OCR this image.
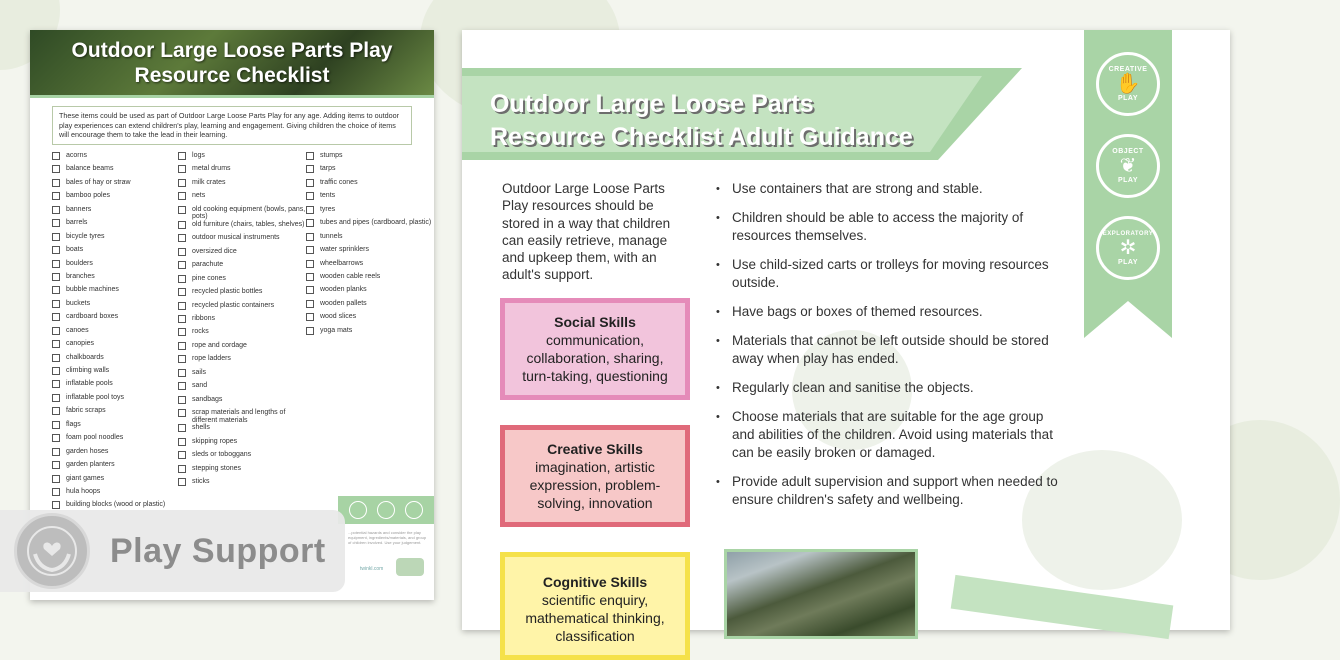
Outdoor Large Loose Parts Play
Resource Checklist
These items could be used as part of Outdoor Large Loose Parts Play for any age. Adding items to outdoor play experiences can extend children's play, learning and engagement. Giving children the choice of items will encourage them to take the lead in their learning.
acorns
balance beams
bales of hay or straw
bamboo poles
banners
barrels
bicycle tyres
boats
boulders
branches
bubble machines
buckets
cardboard boxes
canoes
canopies
chalkboards
climbing walls
inflatable pools
inflatable pool toys
fabric scraps
flags
foam pool noodles
garden hoses
garden planters
giant games
hula hoops
building blocks (wood or plastic)
logs
metal drums
milk crates
nets
old cooking equipment (bowls, pans, pots)
old furniture (chairs, tables, shelves)
outdoor musical instruments
oversized dice
parachute
pine cones
recycled plastic bottles
recycled plastic containers
ribbons
rocks
rope and cordage
rope ladders
sails
sand
sandbags
scrap materials and lengths of different materials
shells
skipping ropes
sleds or toboggans
stepping stones
sticks
stumps
tarps
traffic cones
tents
tyres
tubes and pipes (cardboard, plastic)
tunnels
water sprinklers
wheelbarrows
wooden cable reels
wooden planks
wooden pallets
wood slices
yoga mats
...potential hazards and consider the play equipment, ingredients/materials, and group of children involved. Use your judgement.
twinkl.com
Play Support
Outdoor Large Loose Parts
Resource Checklist Adult Guidance
CREATIVE
✋
PLAY
OBJECT
❦
PLAY
EXPLORATORY
✲
PLAY
Outdoor Large Loose Parts Play resources should be stored in a way that children can easily retrieve, manage and upkeep them, with an adult's support.
Social Skills
communication, collaboration, sharing, turn-taking, questioning
Creative Skills
imagination, artistic expression, problem-solving, innovation
Cognitive Skills
scientific enquiry, mathematical thinking, classification
• Use containers that are strong and stable.
• Children should be able to access the majority of resources themselves.
• Use child-sized carts or trolleys for moving resources outside.
• Have bags or boxes of themed resources.
• Materials that cannot be left outside should be stored away when play has ended.
• Regularly clean and sanitise the objects.
• Choose materials that are suitable for the age group and abilities of the children. Avoid using materials that can be easily broken or damaged.
• Provide adult supervision and support when needed to ensure children's safety and wellbeing.
